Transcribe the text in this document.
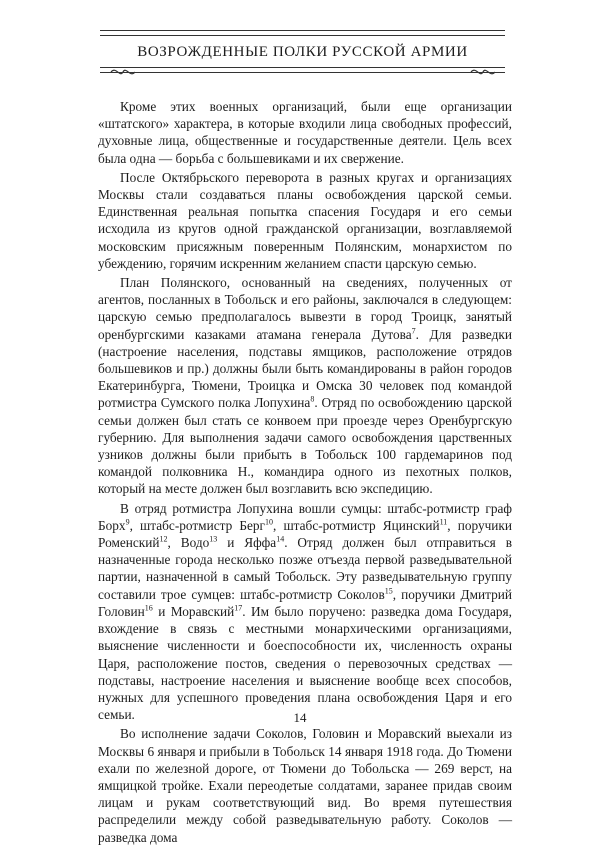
ВОЗРОЖДЕННЫЕ ПОЛКИ РУССКОЙ АРМИИ

Кроме этих военных организаций, были еще организации «штатского» характера, в которые входили лица свободных профессий, духовные лица, общественные и государственные деятели. Цель всех была одна — борьба с большевиками и их свержение.

После Октябрьского переворота в разных кругах и организациях Москвы стали создаваться планы освобождения царской семьи. Единственная реальная попытка спасения Государя и его семьи исходила из кругов одной гражданской организации, возглавляемой московским присяжным поверенным Полянским, монархистом по убеждению, горячим искренним желанием спасти царскую семью.

План Полянского, основанный на сведениях, полученных от агентов, посланных в Тобольск и его районы, заключался в следующем: царскую семью предполагалось вывезти в город Троицк, занятый оренбургскими казаками атамана генерала Дутова$^7$. Для разведки (настроение населения, подставы ямщиков, расположение отрядов большевиков и пр.) должны были быть командированы в район городов Екатеринбурга, Тюмени, Троицка и Омска 30 человек под командой ротмистра Сумского полка Лопухина$^8$. Отряд по освобождению царской семьи должен был стать се конвоем при проезде через Оренбургскую губернию. Для выполнения задачи самого освобождения царственных узников должны были прибыть в Тобольск 100 гардемаринов под командой полковника Н., командира одного из пехотных полков, который на месте должен был возглавить всю экспедицию.

В отряд ротмистра Лопухина вошли сумцы: штабс-ротмистр граф Борх$^9$, штабс-ротмистр Берг$^{10}$, штабс-ротмистр Яцинский$^{11}$, поручики Роменский$^{12}$, Водо$^{13}$ и Яффа$^{14}$. Отряд должен был отправиться в назначенные города несколько позже отъезда первой разведывательной партии, назначенной в самый Тобольск. Эту разведывательную группу составили трое сумцев: штабс-ротмистр Соколов$^{15}$, поручики Дмитрий Головин$^{16}$ и Моравский$^{17}$. Им было поручено: разведка дома Государя, вхождение в связь с местными монархическими организациями, выяснение численности и боеспособности их, численность охраны Царя, расположение постов, сведения о перевозочных средствах — подставы, настроение населения и выяснение вообще всех способов, нужных для успешного проведения плана освобождения Царя и его семьи.

Во исполнение задачи Соколов, Головин и Моравский выехали из Москвы 6 января и прибыли в Тобольск 14 января 1918 года. До Тюмени ехали по железной дороге, от Тюмени до Тобольска — 269 верст, на ямщицкой тройке. Ехали переодетые солдатами, заранее придав своим лицам и рукам соответствующий вид. Во время путешествия распределили между собой разведывательную работу. Соколов — разведка дома

14
